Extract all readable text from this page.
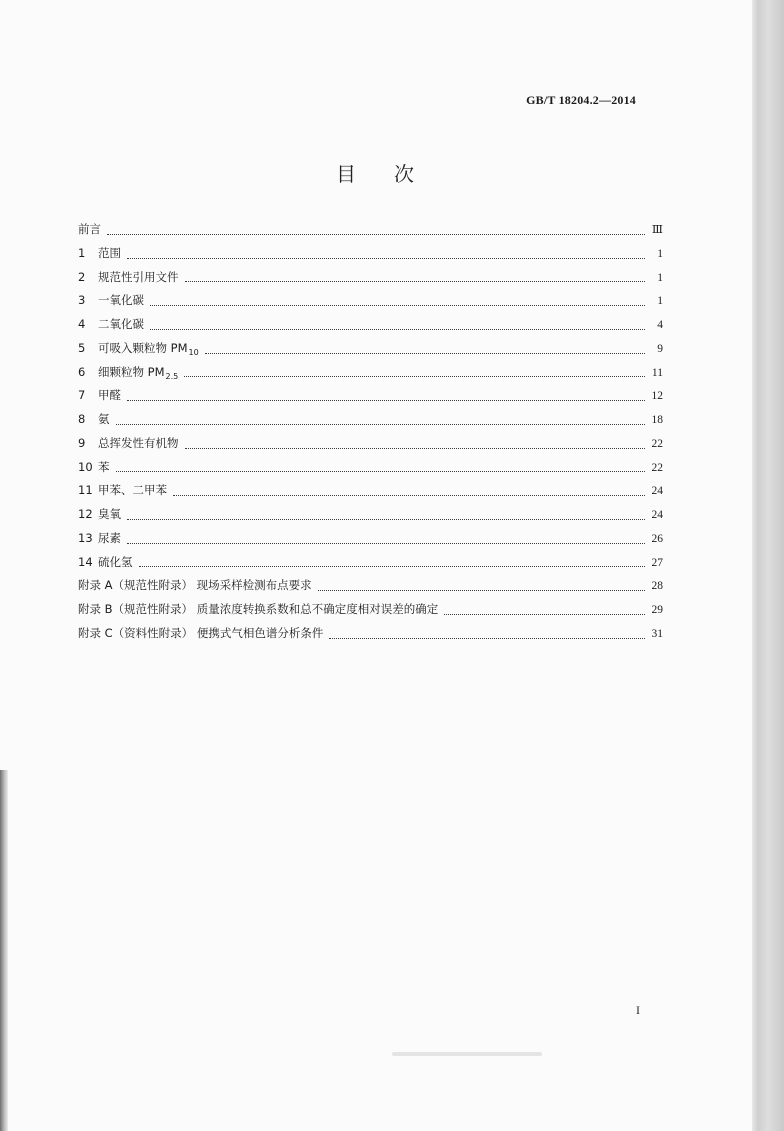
GB/T 18204.2—2014
目 次
前言	Ⅲ
1 范围	1
2 规范性引用文件	1
3 一氧化碳	1
4 二氧化碳	4
5 可吸入颗粒物 $PM_{10}$	9
6 细颗粒物 $PM_{2.5}$	11
7 甲醛	12
8 氨	18
9 总挥发性有机物	22
10 苯	22
11 甲苯、二甲苯	24
12 臭氧	24
13 尿素	26
14 硫化氢	27
附录 A（规范性附录） 现场采样检测布点要求	28
附录 B（规范性附录） 质量浓度转换系数和总不确定度相对误差的确定	29
附录 C（资料性附录） 便携式气相色谱分析条件	31
I
